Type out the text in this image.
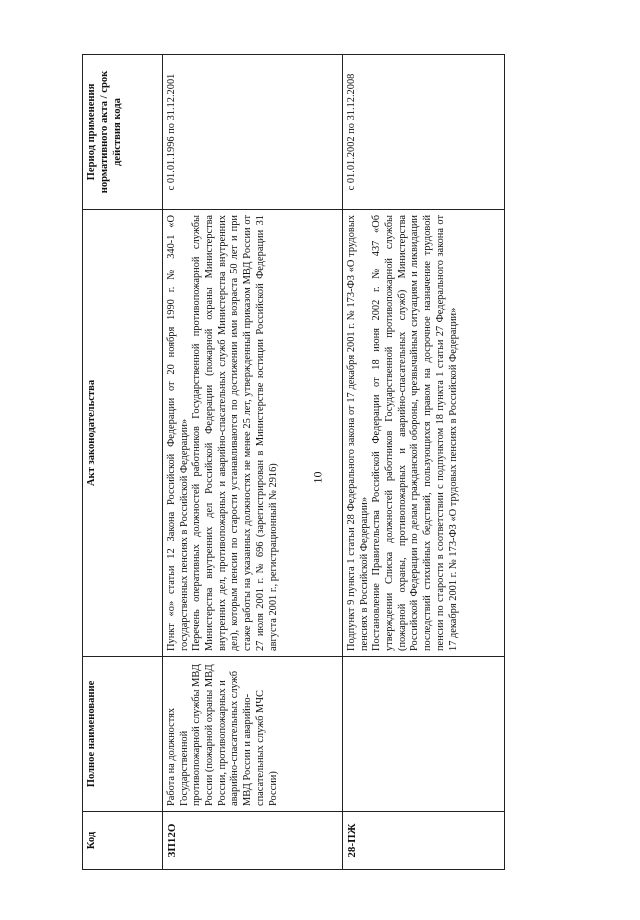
10
Код	Полное наименование	Акт законодательства	Период применения нормативного акта / срок действия кода
ЗП12О	Работа на должностях Государственной противопожарной службы МВД России (пожарной охраны МВД России, противопожарных и аварийно-спасательных служб МВД России и аварийно-спасательных служб МЧС России)	Пункт «о» статьи 12 Закона Российской Федерации от 20 ноября 1990 г. № 340-1 «О государственных пенсиях в Российской Федерации» Перечень оперативных должностей работников Государственной противопожарной службы Министерства внутренних дел Российской Федерации (пожарной охраны Министерства внутренних дел, противопожарных и аварийно-спасательных служб Министерства внутренних дел), которым пенсии по старости устанавливаются по достижении ими возраста 50 лет и при стаже работы на указанных должностях не менее 25 лет, утвержденный приказом МВД России от 27 июля 2001 г. № 696 (зарегистрирован в Министерстве юстиции Российской Федерации 31 августа 2001 г., регистрационный № 2916)	с 01.01.1996 по 31.12.2001
28-ПЖ		Подпункт 9 пункта 1 статьи 28 Федерального закона от 17 декабря 2001 г. № 173-ФЗ «О трудовых пенсиях в Российской Федерации» Постановление Правительства Российской Федерации от 18 июня 2002 г. № 437 «Об утверждении Списка должностей работников Государственной противопожарной службы (пожарной охраны, противопожарных и аварийно-спасательных служб) Министерства Российской Федерации по делам гражданской обороны, чрезвычайным ситуациям и ликвидации последствий стихийных бедствий, пользующихся правом на досрочное назначение трудовой пенсии по старости в соответствии с подпунктом 18 пункта 1 статьи 27 Федерального закона от 17 декабря 2001 г. № 173-ФЗ «О трудовых пенсиях в Российской Федерации»	с 01.01.2002 по 31.12.2008
